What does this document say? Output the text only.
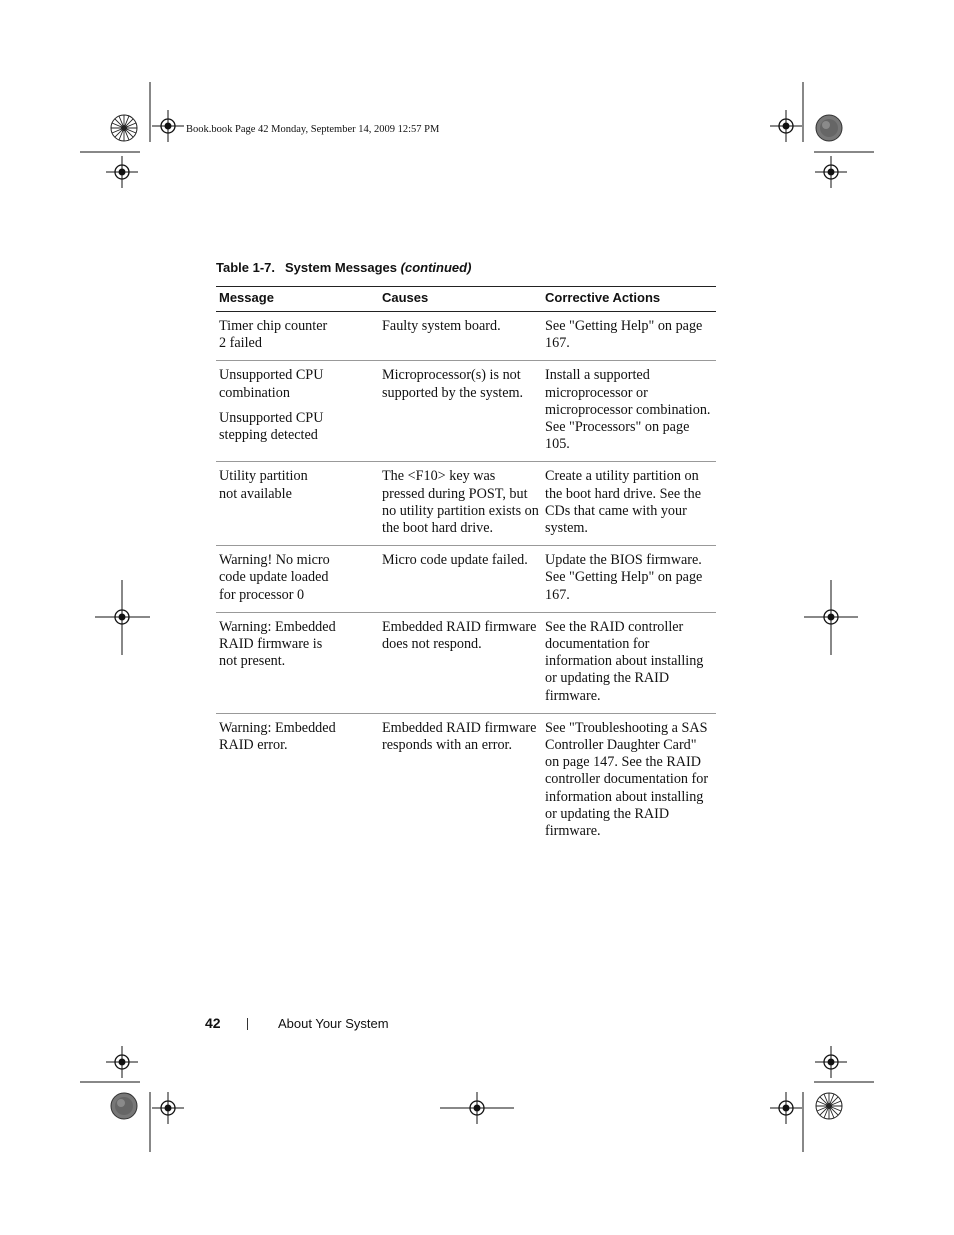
Book.book Page 42 Monday, September 14, 2009 12:57 PM
Table 1-7. System Messages (continued)
Message	Causes	Corrective Actions

Timer chip counter
2 failed	Faulty system board.	See "Getting Help" on page 167.

Unsupported CPU
combination
Unsupported CPU
stepping detected	Microprocessor(s) is not supported by the system.	Install a supported microprocessor or microprocessor combination. See "Processors" on page 105.

Utility partition
not available	The <F10> key was pressed during POST, but no utility partition exists on the boot hard drive.	Create a utility partition on the boot hard drive. See the CDs that came with your system.

Warning! No micro
code update loaded
for processor 0	Micro code update failed.	Update the BIOS firmware. See "Getting Help" on page 167.

Warning: Embedded
RAID firmware is
not present.	Embedded RAID firmware does not respond.	See the RAID controller documentation for information about installing or updating the RAID firmware.

Warning: Embedded
RAID error.	Embedded RAID firmware responds with an error.	See "Troubleshooting a SAS Controller Daughter Card" on page 147. See the RAID controller documentation for information about installing or updating the RAID firmware.
42	About Your System
